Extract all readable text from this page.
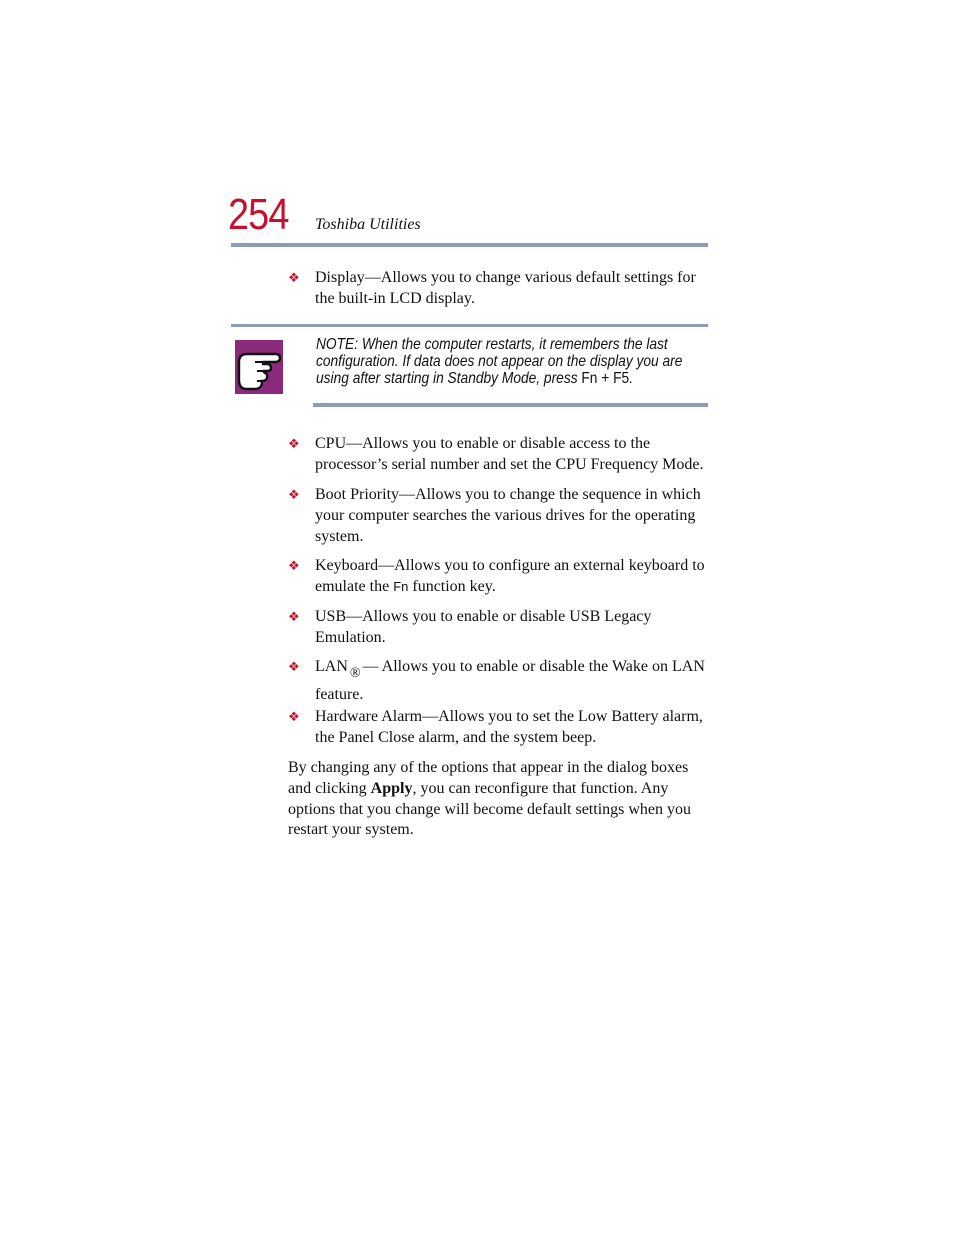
254 Toshiba Utilities
❖ Display—Allows you to change various default settings for the built-in LCD display.
NOTE: When the computer restarts, it remembers the last configuration. If data does not appear on the display you are using after starting in Standby Mode, press Fn + F5.
❖ CPU—Allows you to enable or disable access to the processor’s serial number and set the CPU Frequency Mode.
❖ Boot Priority—Allows you to change the sequence in which your computer searches the various drives for the operating system.
❖ Keyboard—Allows you to configure an external keyboard to emulate the Fn function key.
❖ USB—Allows you to enable or disable USB Legacy Emulation.
❖ LAN ® — Allows you to enable or disable the Wake on LAN feature.
❖ Hardware Alarm—Allows you to set the Low Battery alarm, the Panel Close alarm, and the system beep.
By changing any of the options that appear in the dialog boxes and clicking Apply, you can reconfigure that function. Any options that you change will become default settings when you restart your system.
